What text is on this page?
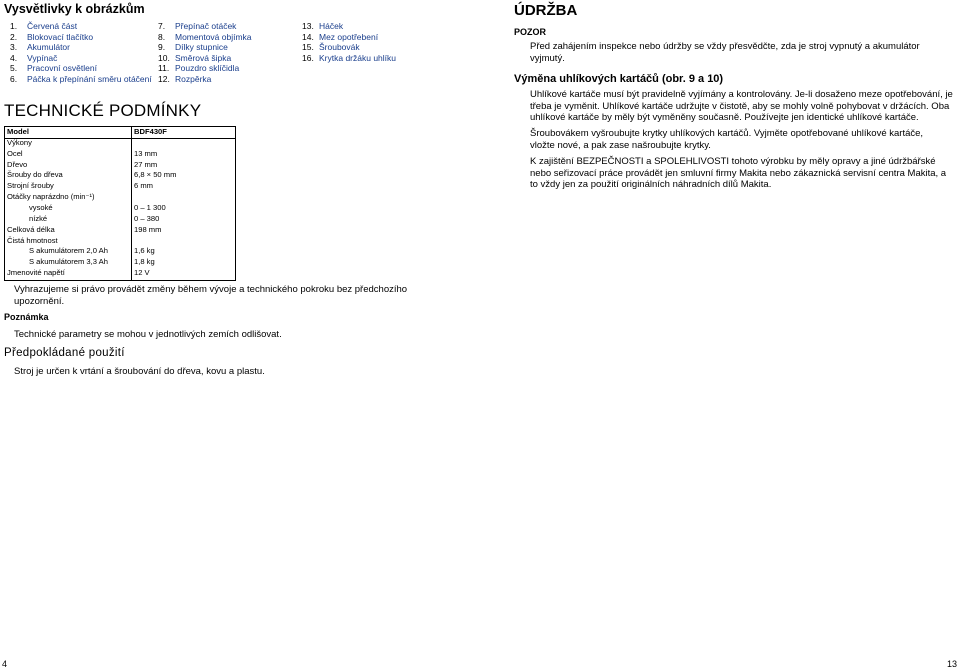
Vysvětlivky k obrázkům
1.	Červená část
2.	Blokovací tlačítko
3.	Akumulátor
4.	Vypínač
5.	Pracovní osvětlení
6.	Páčka k přepínání směru otáčení
7.	Přepínač otáček
8.	Momentová objímka
9.	Dílky stupnice
10. Směrová šipka
11. Pouzdro sklíčidla
12. Rozpěrka
13. Háček
14. Mez opotřebení
15. Šroubovák
16. Krytka držáku uhlíku
TECHNICKÉ PODMÍNKY
Model	BDF430F
Výkony
Ocel	13 mm
Dřevo	27 mm
Šrouby do dřeva	6,8 × 50 mm
Strojní šrouby	6 mm
Otáčky naprázdno (min⁻¹)
vysoké	0 – 1 300
nízké	0 – 380
Celková délka	198 mm
Čistá hmotnost
S akumulátorem 2,0 Ah	1,6 kg
S akumulátorem 3,3 Ah	1,8 kg
Jmenovité napětí	12 V
Vyhrazujeme si právo provádět změny během vývoje a technického pokroku bez předchozího upozornění.
Poznámka
Technické parametry se mohou v jednotlivých zemích odlišovat.
Předpokládané použití
Stroj je určen k vrtání a šroubování do dřeva, kovu a plastu.
4
ÚDRŽBA
POZOR
Před zahájením inspekce nebo údržby se vždy přesvědčte, zda je stroj vypnutý a akumulátor vyjmutý.
Výměna uhlíkových kartáčů (obr. 9 a 10)
Uhlíkové kartáče musí být pravidelně vyjímány a kontrolovány. Je-li dosaženo meze opotřebování, je třeba je vyměnit. Uhlíkové kartáče udržujte v čistotě, aby se mohly volně pohybovat v držácích. Oba uhlíkové kartáče by měly být vyměněny současně. Používejte jen identické uhlíkové kartáče.
Šroubovákem vyšroubujte krytky uhlíkových kartáčů. Vyjměte opotřebované uhlíkové kartáče, vložte nové, a pak zase našroubujte krytky.
K zajištění BEZPEČNOSTI a SPOLEHLIVOSTI tohoto výrobku by měly opravy a jiné údržbářské nebo seřizovací práce provádět jen smluvní firmy Makita nebo zákaznická servisní centra Makita, a to vždy jen za použití originálních náhradních dílů Makita.
13
